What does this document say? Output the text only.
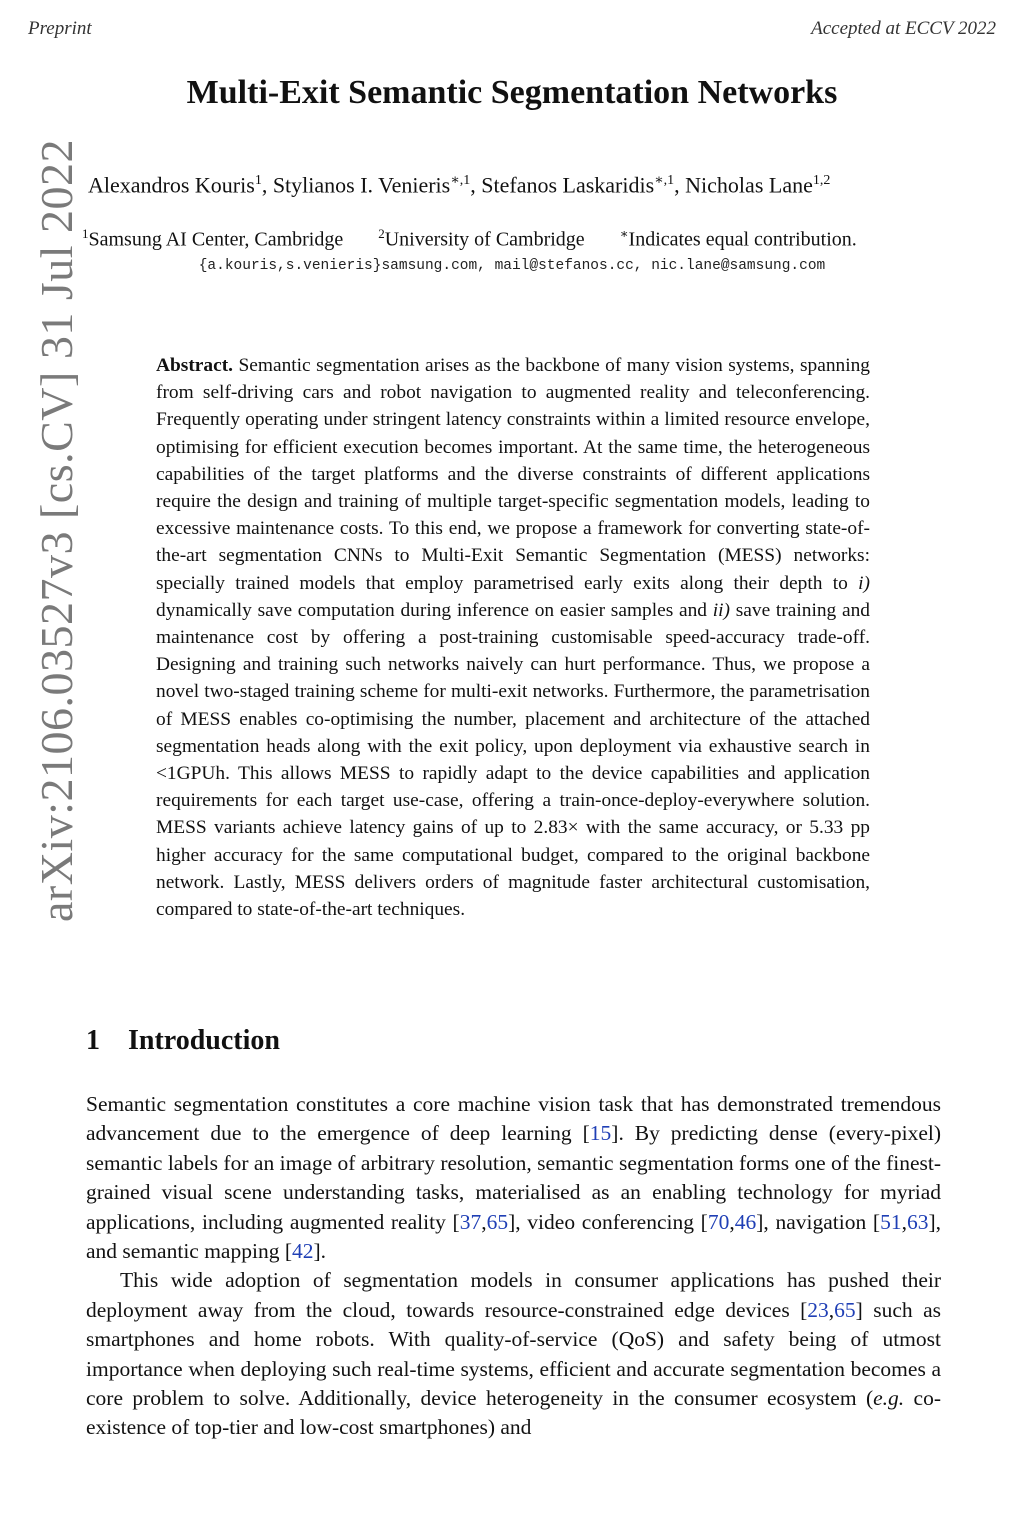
Preprint	Accepted at ECCV 2022
arXiv:2106.03527v3 [cs.CV] 31 Jul 2022
Multi-Exit Semantic Segmentation Networks
Alexandros Kouris$^1$, Stylianos I. Venieris$^{∗,1}$, Stefanos Laskaridis$^{∗,1}$, Nicholas Lane$^{1,2}$
$^1$Samsung AI Center, Cambridge	$^2$University of Cambridge	∗Indicates equal contribution.
{a.kouris,s.venieris}samsung.com, mail@stefanos.cc, nic.lane@samsung.com
Abstract. Semantic segmentation arises as the backbone of many vision systems, spanning from self-driving cars and robot navigation to augmented reality and teleconferencing. Frequently operating under stringent latency constraints within a limited resource envelope, optimising for efficient execution becomes important. At the same time, the heterogeneous capabilities of the target platforms and the diverse constraints of different applications require the design and training of multiple target-specific segmentation models, leading to excessive maintenance costs. To this end, we propose a framework for converting state-of-the-art segmentation CNNs to Multi-Exit Semantic Segmentation (MESS) networks: specially trained models that employ parametrised early exits along their depth to i) dynamically save computation during inference on easier samples and ii) save training and maintenance cost by offering a post-training customisable speed-accuracy trade-off. Designing and training such networks naively can hurt performance. Thus, we propose a novel two-staged training scheme for multi-exit networks. Furthermore, the parametrisation of MESS enables co-optimising the number, placement and architecture of the attached segmentation heads along with the exit policy, upon deployment via exhaustive search in <1GPUh. This allows MESS to rapidly adapt to the device capabilities and application requirements for each target use-case, offering a train-once-deploy-everywhere solution. MESS variants achieve latency gains of up to 2.83× with the same accuracy, or 5.33 pp higher accuracy for the same computational budget, compared to the original backbone network. Lastly, MESS delivers orders of magnitude faster architectural customisation, compared to state-of-the-art techniques.
1 Introduction

Semantic segmentation constitutes a core machine vision task that has demonstrated tremendous advancement due to the emergence of deep learning [15]. By predicting dense (every-pixel) semantic labels for an image of arbitrary resolution, semantic segmentation forms one of the finest-grained visual scene understanding tasks, materialised as an enabling technology for myriad applications, including augmented reality [37,65], video conferencing [70,46], navigation [51,63], and semantic mapping [42].

This wide adoption of segmentation models in consumer applications has pushed their deployment away from the cloud, towards resource-constrained edge devices [23,65] such as smartphones and home robots. With quality-of-service (QoS) and safety being of utmost importance when deploying such real-time systems, efficient and accurate segmentation becomes a core problem to solve. Additionally, device heterogeneity in the consumer ecosystem (e.g. co-existence of top-tier and low-cost smartphones) and
